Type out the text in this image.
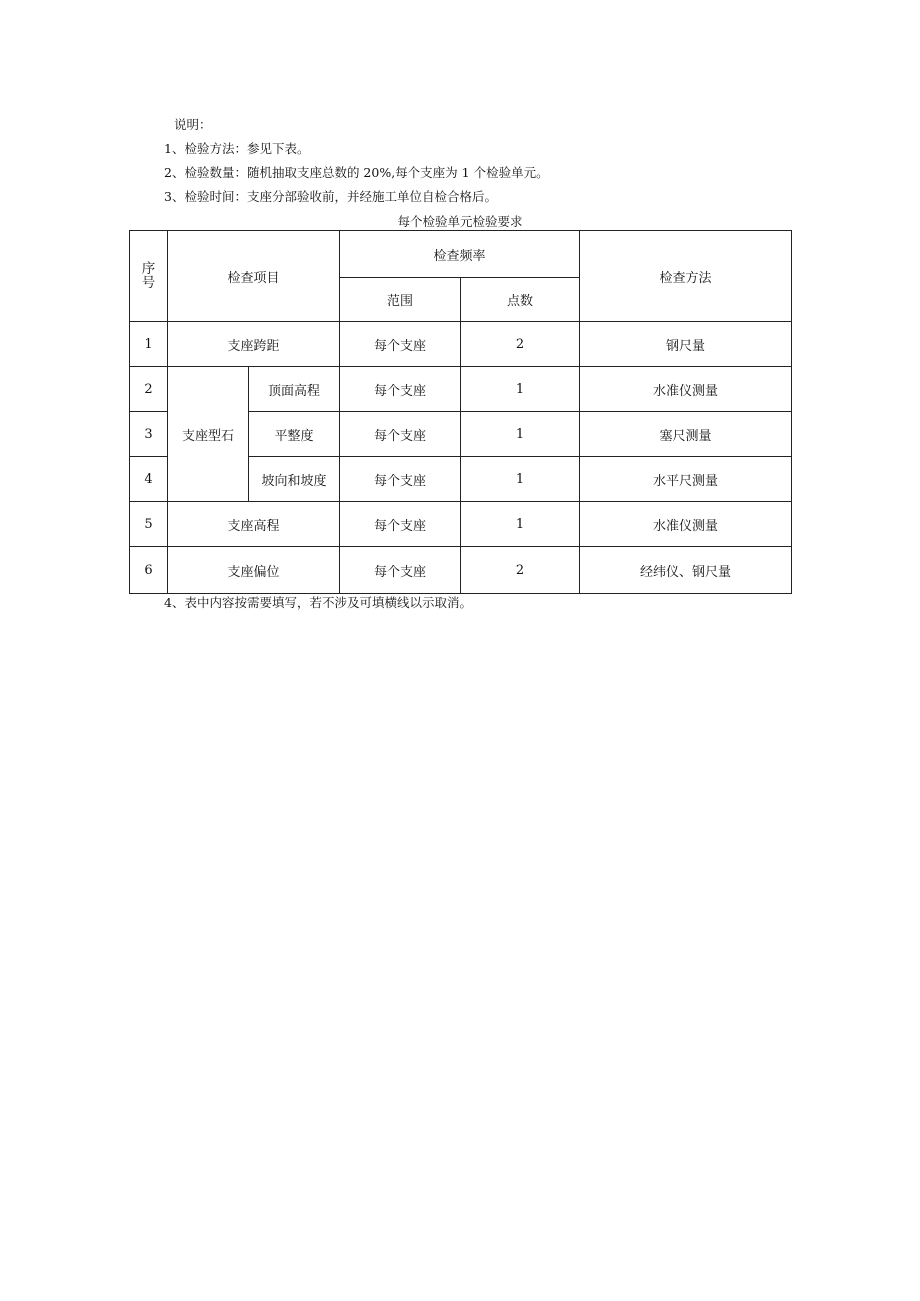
说明：
1、检验方法：参见下表。
2、检验数量：随机抽取支座总数的 20%,每个支座为 1 个检验单元。
3、检验时间：支座分部验收前，并经施工单位自检合格后。
每个检验单元检验要求
序
号	检查项目		检查频率		检查方法
			范围	点数	
1	支座跨距		每个支座	2	钢尺量
2	支座型石	顶面高程	每个支座	1	水准仪测量
3		平整度	每个支座	1	塞尺测量
4		坡向和坡度	每个支座	1	水平尺测量
5	支座高程		每个支座	1	水准仪测量
6	支座偏位		每个支座	2	经纬仪、钢尺量
4、表中内容按需要填写，若不涉及可填横线以示取消。
